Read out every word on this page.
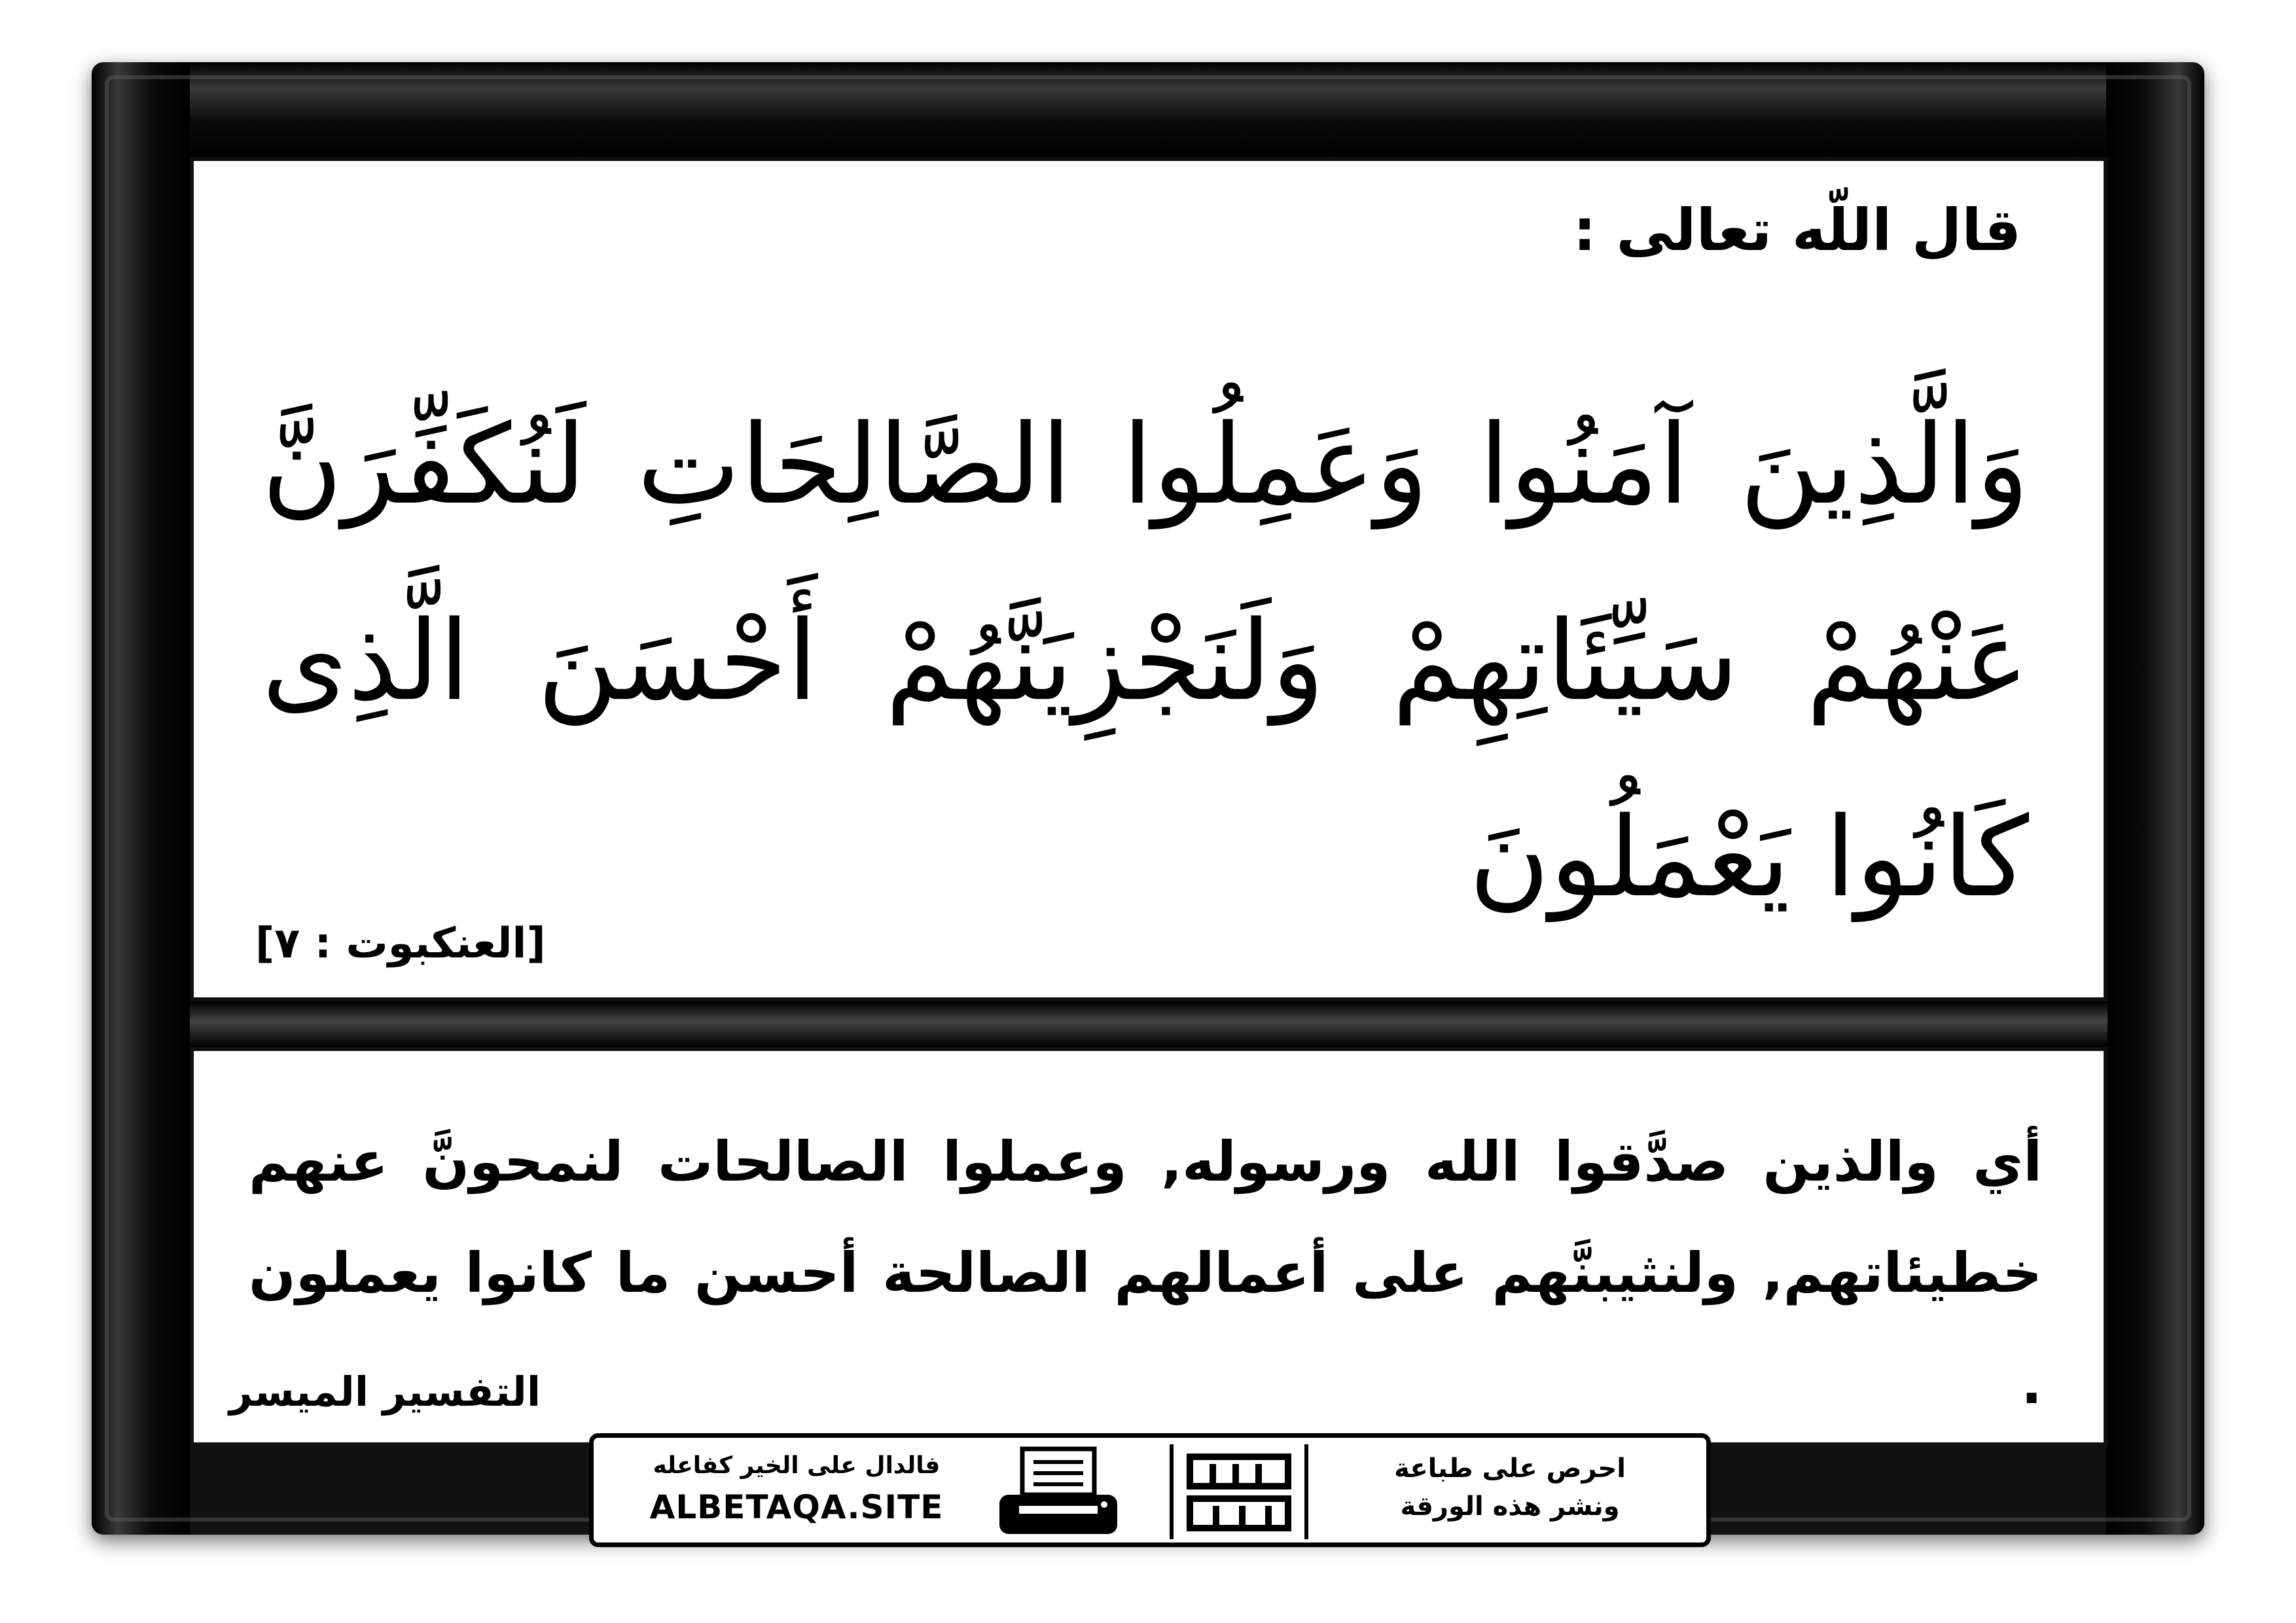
قال اللّه تعالى :
وَالَّذِينَ آمَنُوا وَعَمِلُوا الصَّالِحَاتِ لَنُكَفِّرَنَّ عَنْهُمْ سَيِّئَاتِهِمْ وَلَنَجْزِيَنَّهُمْ أَحْسَنَ الَّذِى كَانُوا يَعْمَلُونَ
[العنكبوت : ٧]
أي والذين صدَّقوا الله ورسوله, وعملوا الصالحات لنمحونَّ عنهم خطيئاتهم, ولنثيبنَّهم على أعمالهم الصالحة أحسن ما كانوا يعملون .
التفسير الميسر
فالدال على الخير كفاعله
ALBETAQA.SITE
احرص على طباعة
ونشر هذه الورقة
